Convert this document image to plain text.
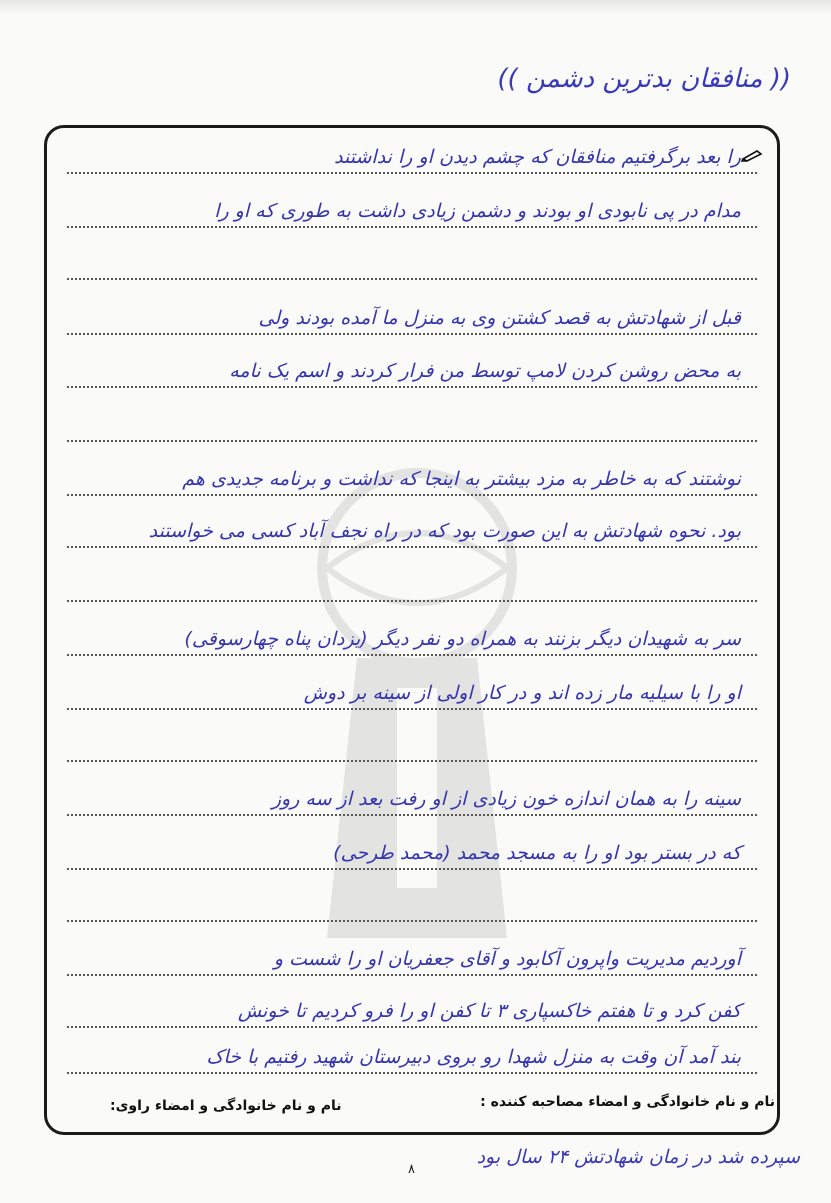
(( منافقان بدترین دشمن ))
را بعد برگرفتیم منافقان که چشم دیدن او را نداشتند
مدام در پی نابودی او بودند و دشمن زیادی داشت به طوری که او را
قبل از شهادتش به قصد کشتن وی به منزل ما آمده بودند ولی
به محض روشن کردن لامپ توسط من فرار کردند و اسم یک نامه
نوشتند که به خاطر به مزد بیشتر به اینجا که نداشت و برنامه جدیدی هم
بود. نحوه شهادتش به این صورت بود که در راه نجف آباد کسی می خواستند
سر به شهیدان دیگر بزنند به همراه دو نفر دیگر (یزدان پناه چهارسوقی)
او را با سیلیه مار زده اند و در کار اولی از سینه بر دوش
سینه را به همان اندازه خون زیادی از او رفت بعد از سه روز
که در بستر بود او را به مسجد محمد (محمد طرحی)
آوردیم مدیریت واپرون آکابود و آقای جعفریان او را شست و
کفن کرد و تا هفتم خاکسپاری ۳ تا کفن او را فرو کردیم تا خونش
بند آمد آن وقت به منزل شهدا رو بروی دبیرستان شهید رفتیم با خاک
نام و نام خانوادگی و امضاء مصاحبه کننده :
نام و نام خانوادگی و امضاء راوی:
سپرده شد در زمان شهادتش ۲۴ سال بود
۸
